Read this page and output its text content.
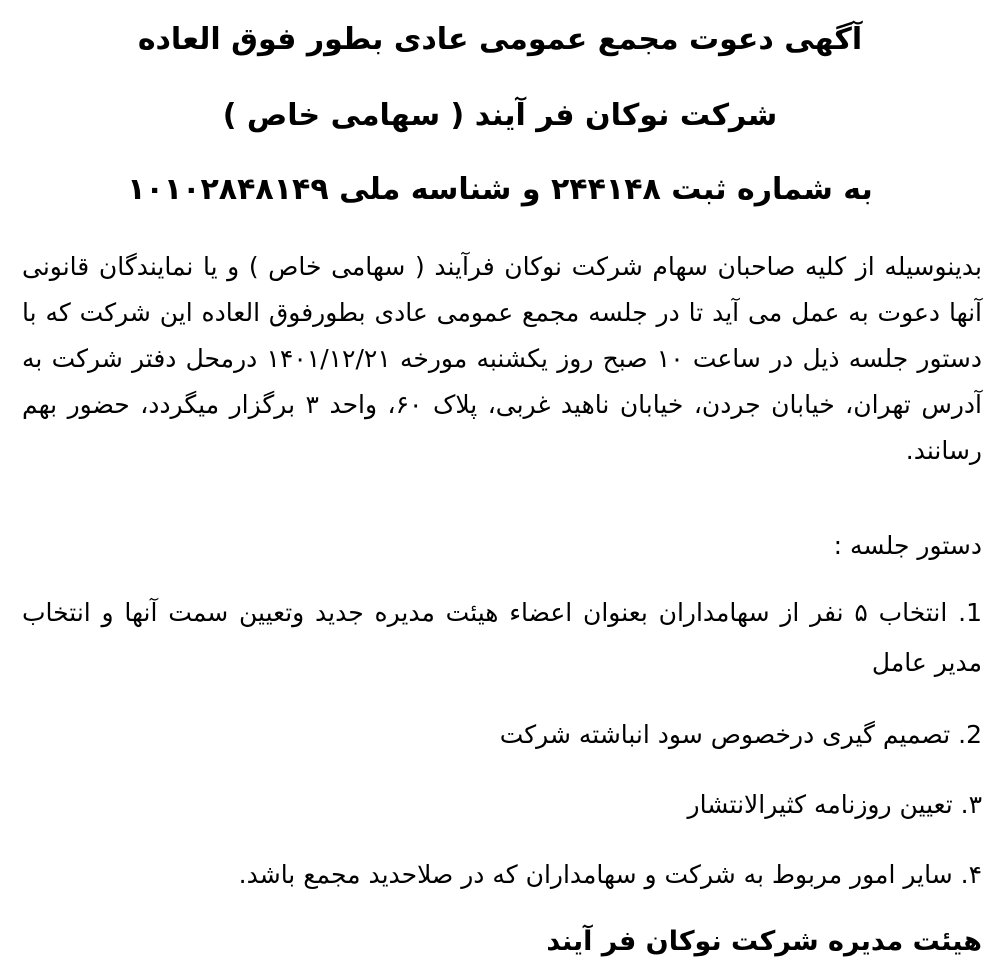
آگهی دعوت مجمع عمومی عادی بطور فوق العاده
شرکت نوکان فر آیند ( سهامی خاص )
به شماره ثبت ۲۴۴۱۴۸ و شناسه ملی ۱۰۱۰۲۸۴۸۱۴۹

بدینوسیله از کلیه صاحبان سهام شرکت نوکان فرآیند ( سهامی خاص ) و یا نمایندگان قانونی آنها دعوت به عمل می آید تا در جلسه مجمع عمومی عادی بطورفوق العاده این شرکت که با دستور جلسه ذیل در ساعت ۱۰ صبح روز یکشنبه مورخه ۱۴۰۱/۱۲/۲۱ درمحل دفتر شرکت به آدرس تهران، خیابان جردن، خیابان ناهید غربی، پلاک ۶۰، واحد ۳ برگزار میگردد، حضور بهم رسانند.

دستور جلسه :
1. انتخاب ۵ نفر از سهامداران بعنوان اعضاء هیئت مدیره جدید وتعیین سمت آنها و انتخاب مدیر عامل
2. تصمیم گیری درخصوص سود انباشته شرکت
۳. تعیین روزنامه کثیرالانتشار
۴. سایر امور مربوط به شرکت و سهامداران که در صلاحدید مجمع باشد.
هیئت مدیره شرکت نوکان فر آیند
